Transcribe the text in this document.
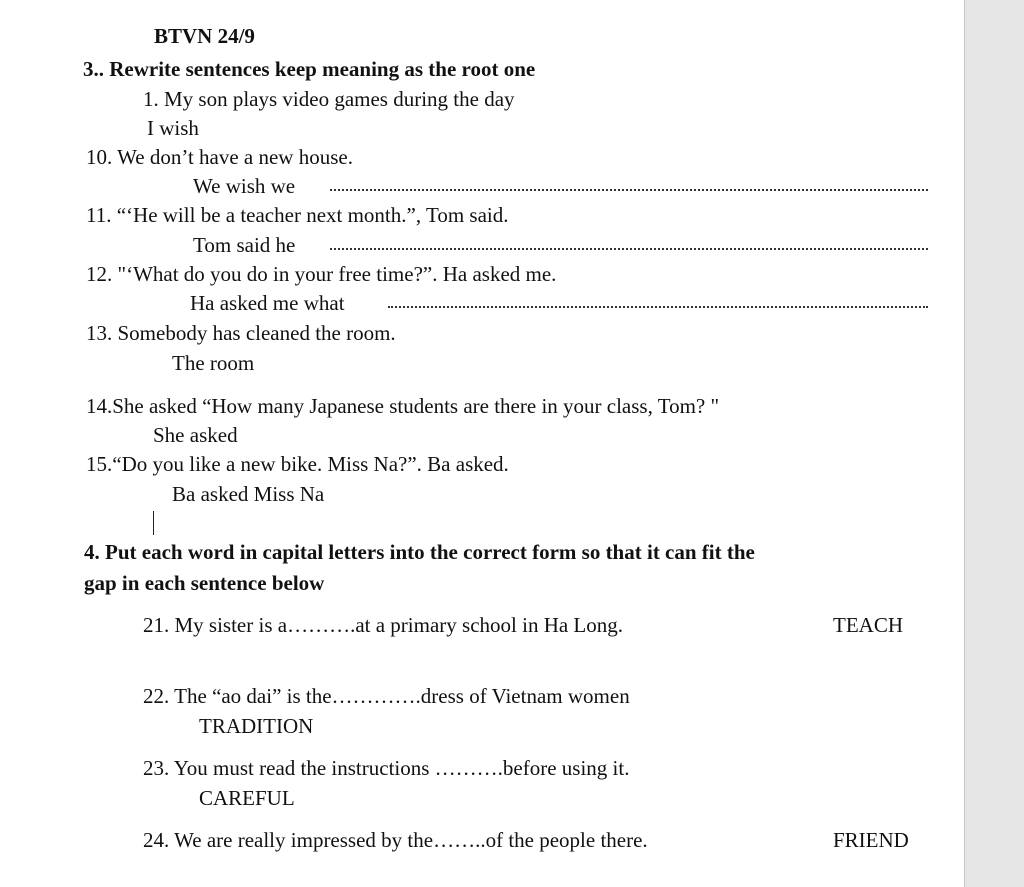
BTVN 24/9
3.. Rewrite sentences keep meaning as the root one
1. My son plays video games during the day
I wish
10. We don’t have a new house.
We wish we
11. “‘He will be a teacher next month.”, Tom said.
Tom said he
12. "‘What do you do in your free time?”. Ha asked me.
Ha asked me what
13. Somebody has cleaned the room.
The room
14.She asked “How many Japanese students are there in your class, Tom? "
She asked
15.“Do you like a new bike. Miss Na?”. Ba asked.
Ba asked Miss Na
4. Put each word in capital letters into the correct form so that it can fit the
gap in each sentence below
21. My sister is a……….at a primary school in Ha Long.	TEACH
22. The “ao dai” is the………….dress of Vietnam women
TRADITION
23. You must read the instructions ……….before using it.
CAREFUL
24. We are really impressed by the……..of the people there.	FRIEND
